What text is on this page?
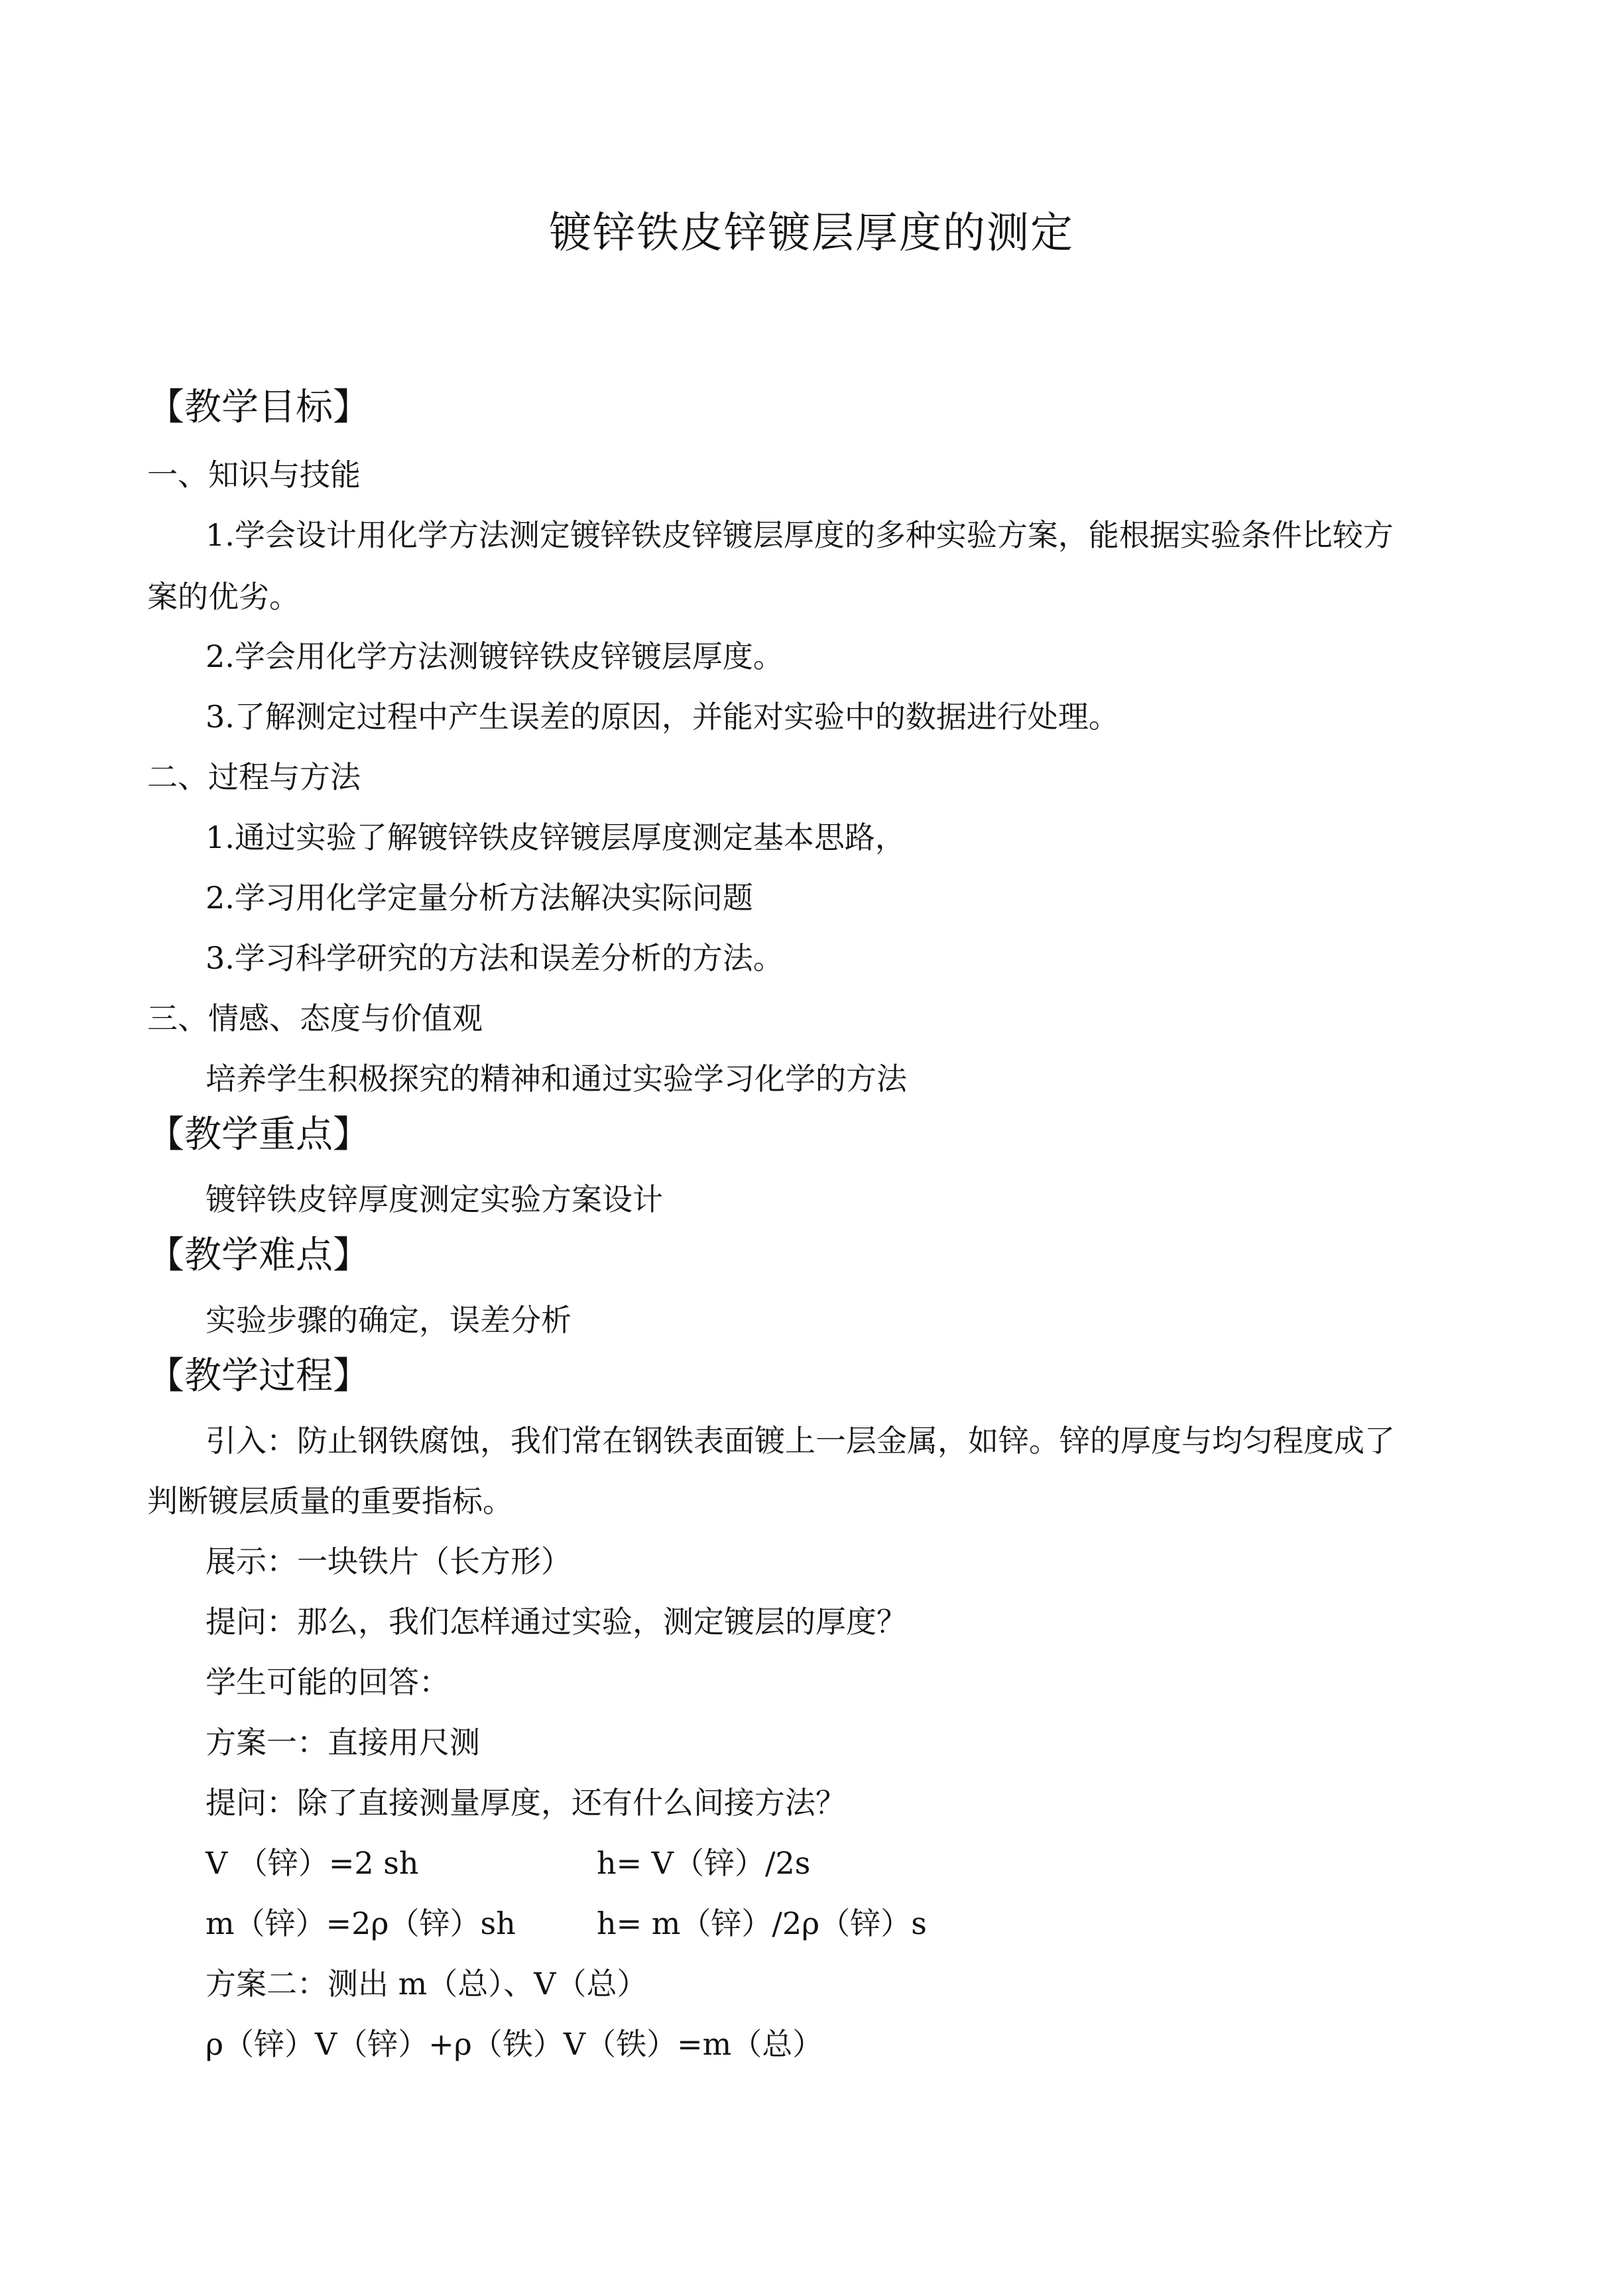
镀锌铁皮锌镀层厚度的测定
【教学目标】
一、知识与技能
1.学会设计用化学方法测定镀锌铁皮锌镀层厚度的多种实验方案，能根据实验条件比较方
案的优劣。
2.学会用化学方法测镀锌铁皮锌镀层厚度。
3.了解测定过程中产生误差的原因，并能对实验中的数据进行处理。
二、过程与方法
1.通过实验了解镀锌铁皮锌镀层厚度测定基本思路，
2.学习用化学定量分析方法解决实际问题
3.学习科学研究的方法和误差分析的方法。
三、情感、态度与价值观
培养学生积极探究的精神和通过实验学习化学的方法
【教学重点】
镀锌铁皮锌厚度测定实验方案设计
【教学难点】
实验步骤的确定，误差分析
【教学过程】
引入：防止钢铁腐蚀，我们常在钢铁表面镀上一层金属，如锌。锌的厚度与均匀程度成了
判断镀层质量的重要指标。
展示：一块铁片（长方形）
提问：那么，我们怎样通过实验，测定镀层的厚度？
学生可能的回答：
方案一：直接用尺测
提问：除了直接测量厚度，还有什么间接方法？
V （锌）=2 sh	h= V（锌）/2s
m（锌）=2ρ（锌）sh	h= m（锌）/2ρ（锌）s
方案二：测出 m（总）、V（总）
ρ（锌）V（锌）+ρ（铁）V（铁）=m（总）
